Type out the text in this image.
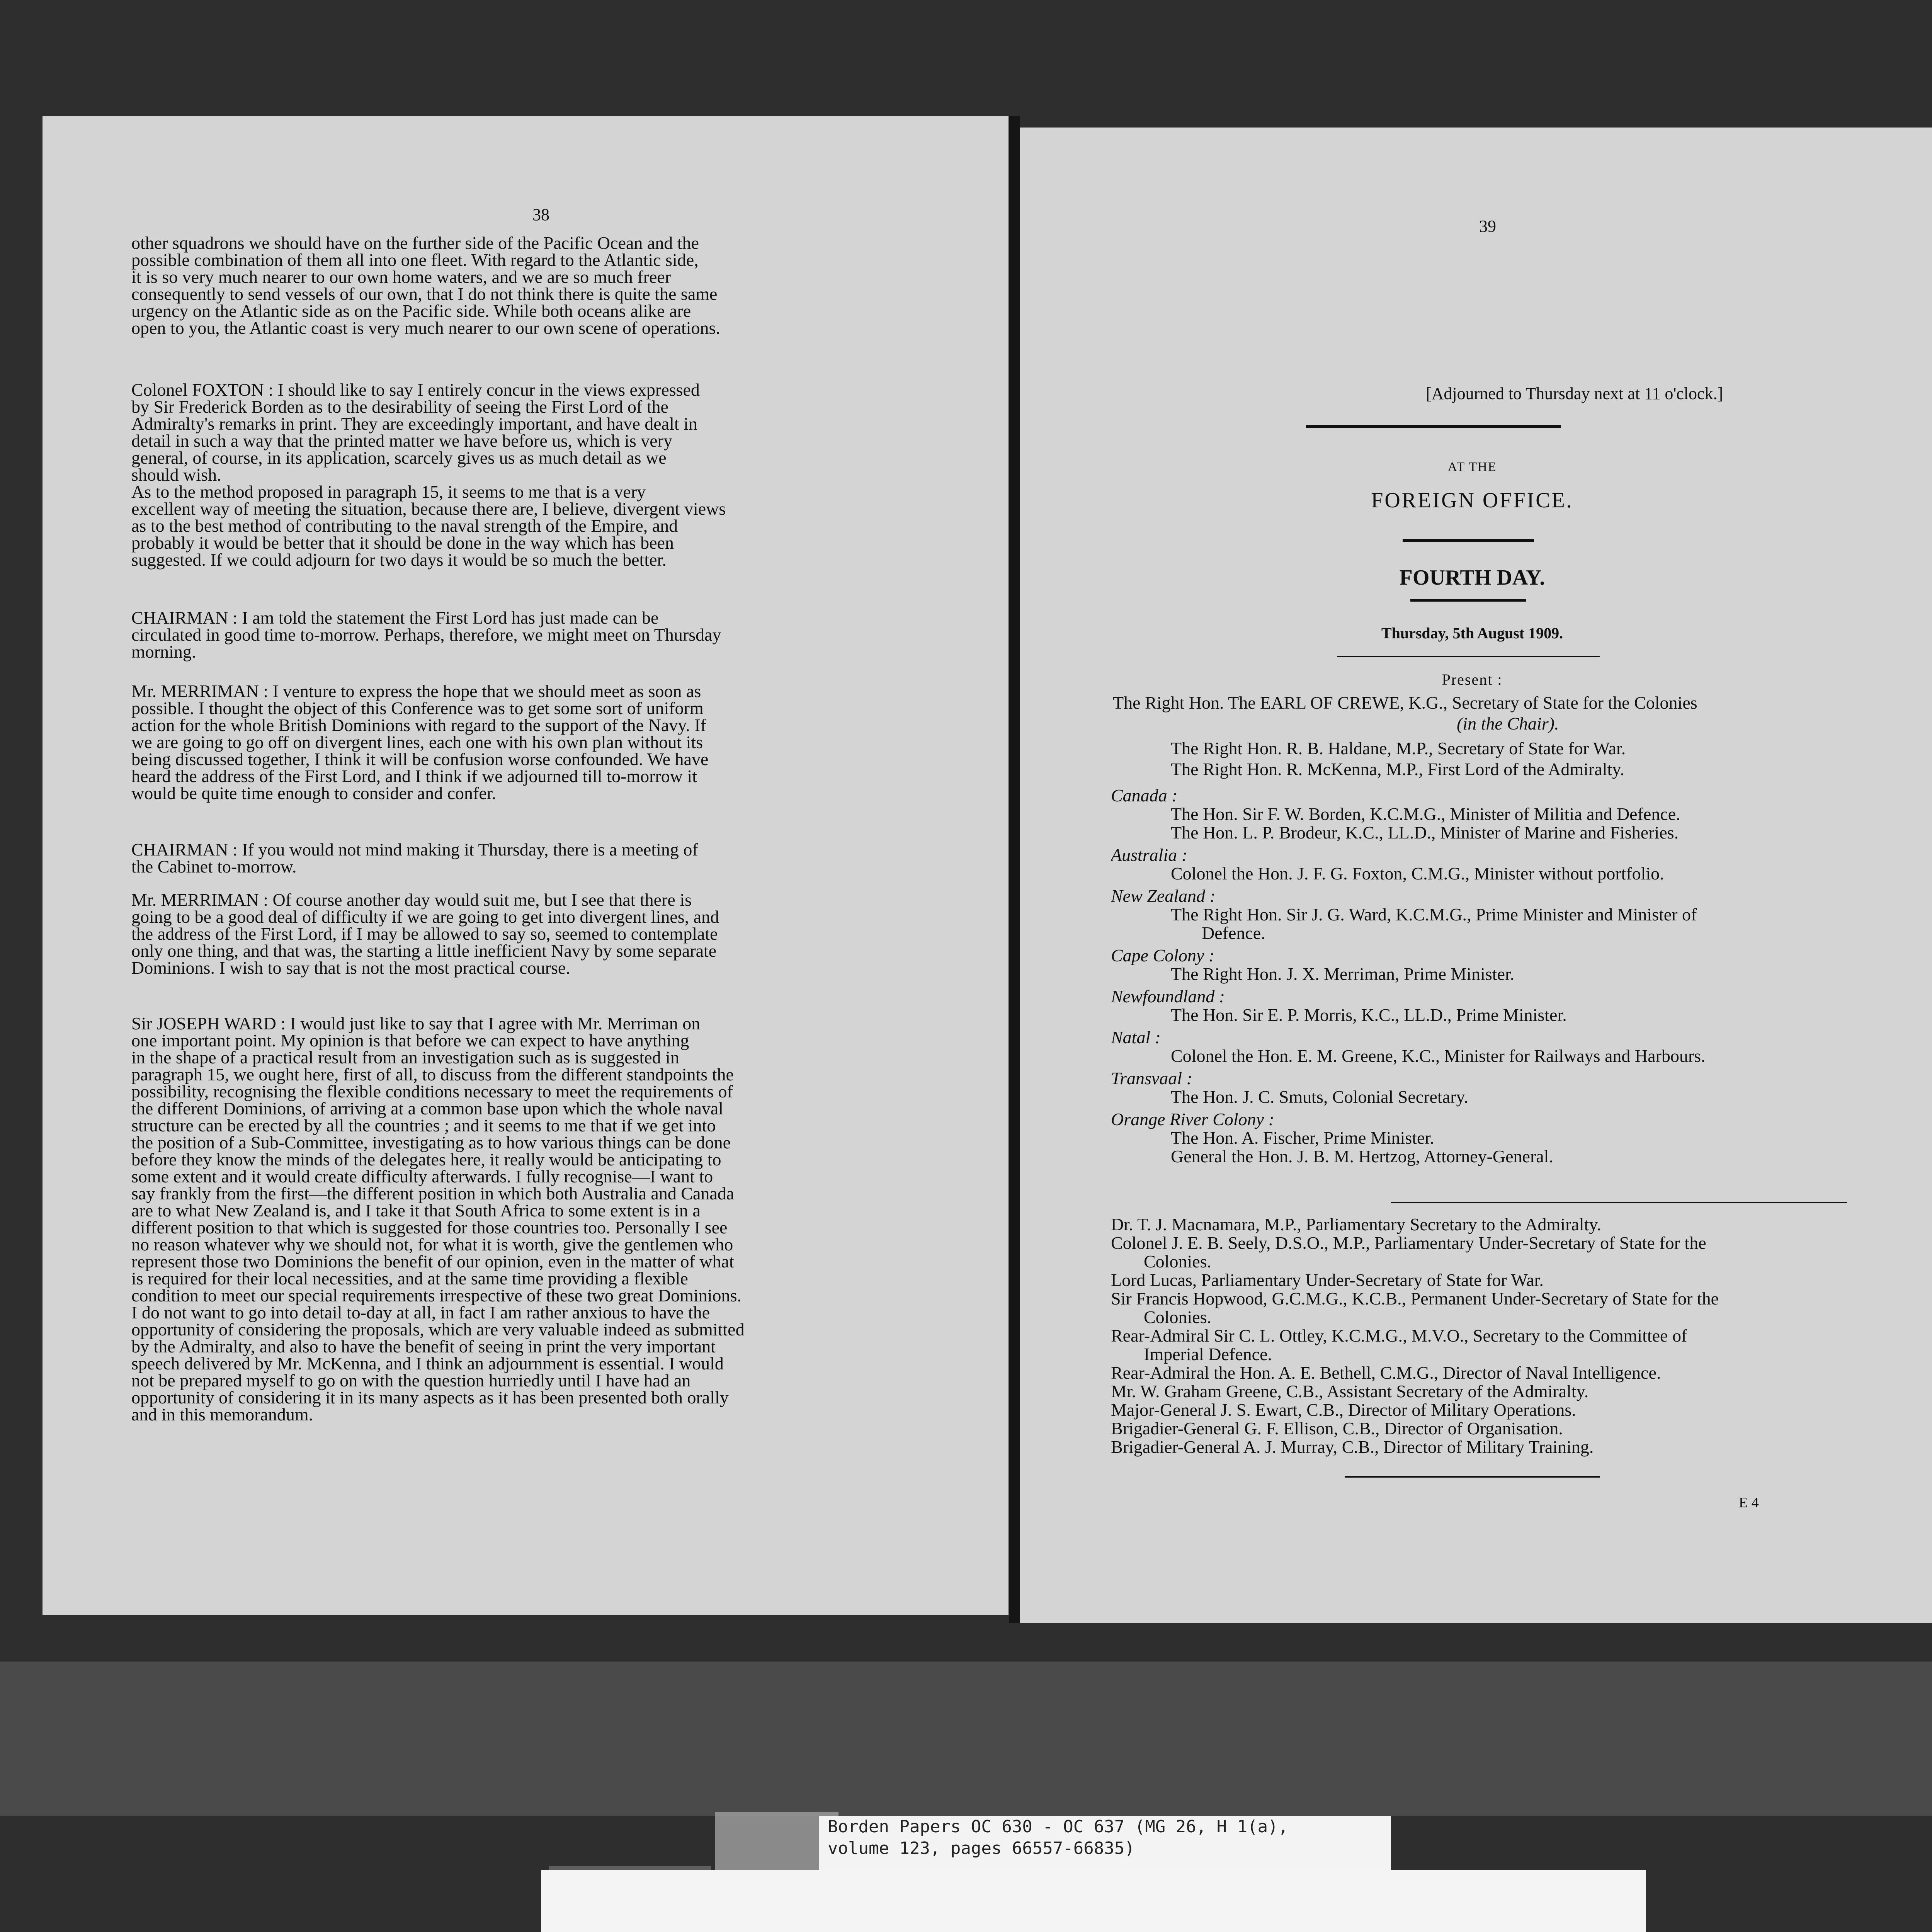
38
other squadrons we should have on the further side of the Pacific Ocean and the
possible combination of them all into one fleet. With regard to the Atlantic side,
it is so very much nearer to our own home waters, and we are so much freer
consequently to send vessels of our own, that I do not think there is quite the same
urgency on the Atlantic side as on the Pacific side. While both oceans alike are
open to you, the Atlantic coast is very much nearer to our own scene of operations.
Colonel FOXTON : I should like to say I entirely concur in the views expressed
by Sir Frederick Borden as to the desirability of seeing the First Lord of the
Admiralty's remarks in print. They are exceedingly important, and have dealt in
detail in such a way that the printed matter we have before us, which is very
general, of course, in its application, scarcely gives us as much detail as we
should wish.
As to the method proposed in paragraph 15, it seems to me that is a very
excellent way of meeting the situation, because there are, I believe, divergent views
as to the best method of contributing to the naval strength of the Empire, and
probably it would be better that it should be done in the way which has been
suggested. If we could adjourn for two days it would be so much the better.
CHAIRMAN : I am told the statement the First Lord has just made can be
circulated in good time to-morrow. Perhaps, therefore, we might meet on Thursday
morning.
Mr. MERRIMAN : I venture to express the hope that we should meet as soon as
possible. I thought the object of this Conference was to get some sort of uniform
action for the whole British Dominions with regard to the support of the Navy. If
we are going to go off on divergent lines, each one with his own plan without its
being discussed together, I think it will be confusion worse confounded. We have
heard the address of the First Lord, and I think if we adjourned till to-morrow it
would be quite time enough to consider and confer.
CHAIRMAN : If you would not mind making it Thursday, there is a meeting of
the Cabinet to-morrow.
Mr. MERRIMAN : Of course another day would suit me, but I see that there is
going to be a good deal of difficulty if we are going to get into divergent lines, and
the address of the First Lord, if I may be allowed to say so, seemed to contemplate
only one thing, and that was, the starting a little inefficient Navy by some separate
Dominions. I wish to say that is not the most practical course.
Sir JOSEPH WARD : I would just like to say that I agree with Mr. Merriman on
one important point. My opinion is that before we can expect to have anything
in the shape of a practical result from an investigation such as is suggested in
paragraph 15, we ought here, first of all, to discuss from the different standpoints the
possibility, recognising the flexible conditions necessary to meet the requirements of
the different Dominions, of arriving at a common base upon which the whole naval
structure can be erected by all the countries ; and it seems to me that if we get into
the position of a Sub-Committee, investigating as to how various things can be done
before they know the minds of the delegates here, it really would be anticipating to
some extent and it would create difficulty afterwards. I fully recognise—I want to
say frankly from the first—the different position in which both Australia and Canada
are to what New Zealand is, and I take it that South Africa to some extent is in a
different position to that which is suggested for those countries too. Personally I see
no reason whatever why we should not, for what it is worth, give the gentlemen who
represent those two Dominions the benefit of our opinion, even in the matter of what
is required for their local necessities, and at the same time providing a flexible
condition to meet our special requirements irrespective of these two great Dominions.
I do not want to go into detail to-day at all, in fact I am rather anxious to have the
opportunity of considering the proposals, which are very valuable indeed as submitted
by the Admiralty, and also to have the benefit of seeing in print the very important
speech delivered by Mr. McKenna, and I think an adjournment is essential. I would
not be prepared myself to go on with the question hurriedly until I have had an
opportunity of considering it in its many aspects as it has been presented both orally
and in this memorandum.
39
[Adjourned to Thursday next at 11 o'clock.]
AT THE
FOREIGN OFFICE.
FOURTH DAY.
Thursday, 5th August 1909.
Present :
The Right Hon. The EARL OF CREWE, K.G., Secretary of State for the Colonies
(in the Chair).
The Right Hon. R. B. Haldane, M.P., Secretary of State for War.
The Right Hon. R. McKenna, M.P., First Lord of the Admiralty.
Canada :
The Hon. Sir F. W. Borden, K.C.M.G., Minister of Militia and Defence.
The Hon. L. P. Brodeur, K.C., LL.D., Minister of Marine and Fisheries.
Australia :
Colonel the Hon. J. F. G. Foxton, C.M.G., Minister without portfolio.
New Zealand :
The Right Hon. Sir J. G. Ward, K.C.M.G., Prime Minister and Minister of
Defence.
Cape Colony :
The Right Hon. J. X. Merriman, Prime Minister.
Newfoundland :
The Hon. Sir E. P. Morris, K.C., LL.D., Prime Minister.
Natal :
Colonel the Hon. E. M. Greene, K.C., Minister for Railways and Harbours.
Transvaal :
The Hon. J. C. Smuts, Colonial Secretary.
Orange River Colony :
The Hon. A. Fischer, Prime Minister.
General the Hon. J. B. M. Hertzog, Attorney-General.
Dr. T. J. Macnamara, M.P., Parliamentary Secretary to the Admiralty.
Colonel J. E. B. Seely, D.S.O., M.P., Parliamentary Under-Secretary of State for the
Colonies.
Lord Lucas, Parliamentary Under-Secretary of State for War.
Sir Francis Hopwood, G.C.M.G., K.C.B., Permanent Under-Secretary of State for the
Colonies.
Rear-Admiral Sir C. L. Ottley, K.C.M.G., M.V.O., Secretary to the Committee of
Imperial Defence.
Rear-Admiral the Hon. A. E. Bethell, C.M.G., Director of Naval Intelligence.
Mr. W. Graham Greene, C.B., Assistant Secretary of the Admiralty.
Major-General J. S. Ewart, C.B., Director of Military Operations.
Brigadier-General G. F. Ellison, C.B., Director of Organisation.
Brigadier-General A. J. Murray, C.B., Director of Military Training.
E 4
Borden Papers OC 630 - OC 637 (MG 26, H 1(a),
volume 123, pages 66557-66835)
